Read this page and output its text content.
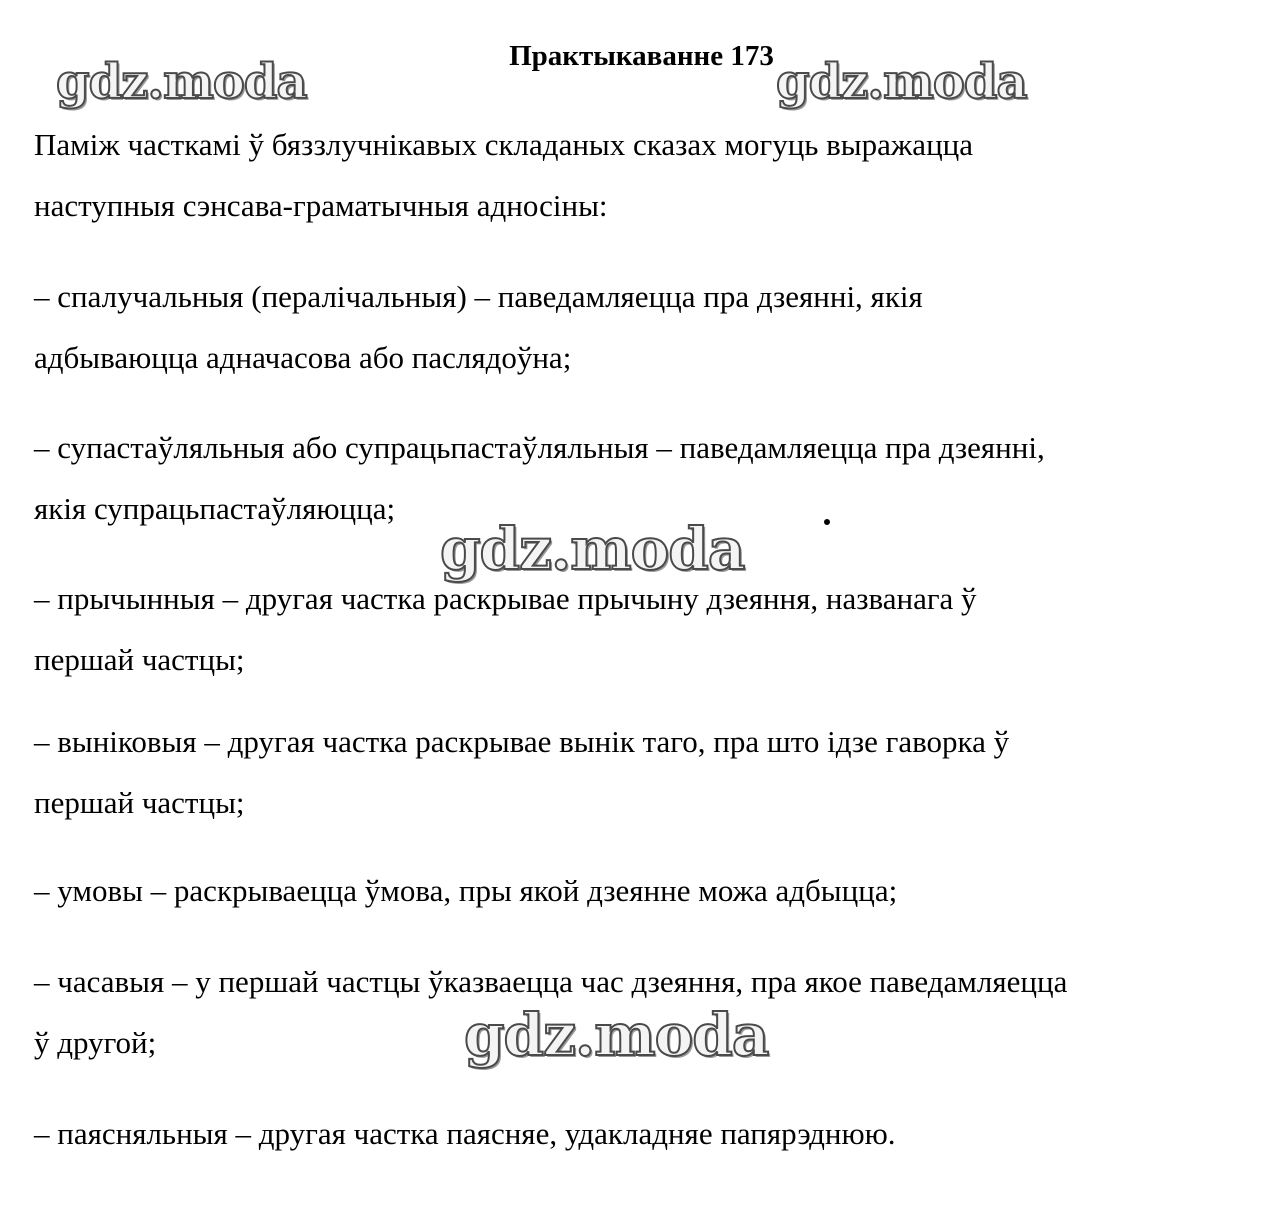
Практыкаванне 173

Паміж часткамі ў бяззлучнікавых складаных сказах могуць выражацца
наступныя сэнсава-граматычныя адносіны:

– спалучальныя (пералічальныя) – паведамляецца пра дзеянні, якія
адбываюцца адначасова або паслядоўна;

– супастаўляльныя або супрацьпастаўляльныя – паведамляецца пра дзеянні,
якія супрацьпастаўляюцца;

– прычынныя – другая частка раскрывае прычыну дзеяння, названага ў
першай частцы;

– выніковыя – другая частка раскрывае вынік таго, пра што ідзе гаворка ў
першай частцы;

– умовы – раскрываецца ўмова, пры якой дзеянне можа адбыцца;

– часавыя – у першай частцы ўказваецца час дзеяння, пра якое паведамляецца
ў другой;

– паясняльныя – другая частка паясняе, удакладняе папярэднюю.

gdz.moda	gdz.moda
gdz.moda
gdz.moda
